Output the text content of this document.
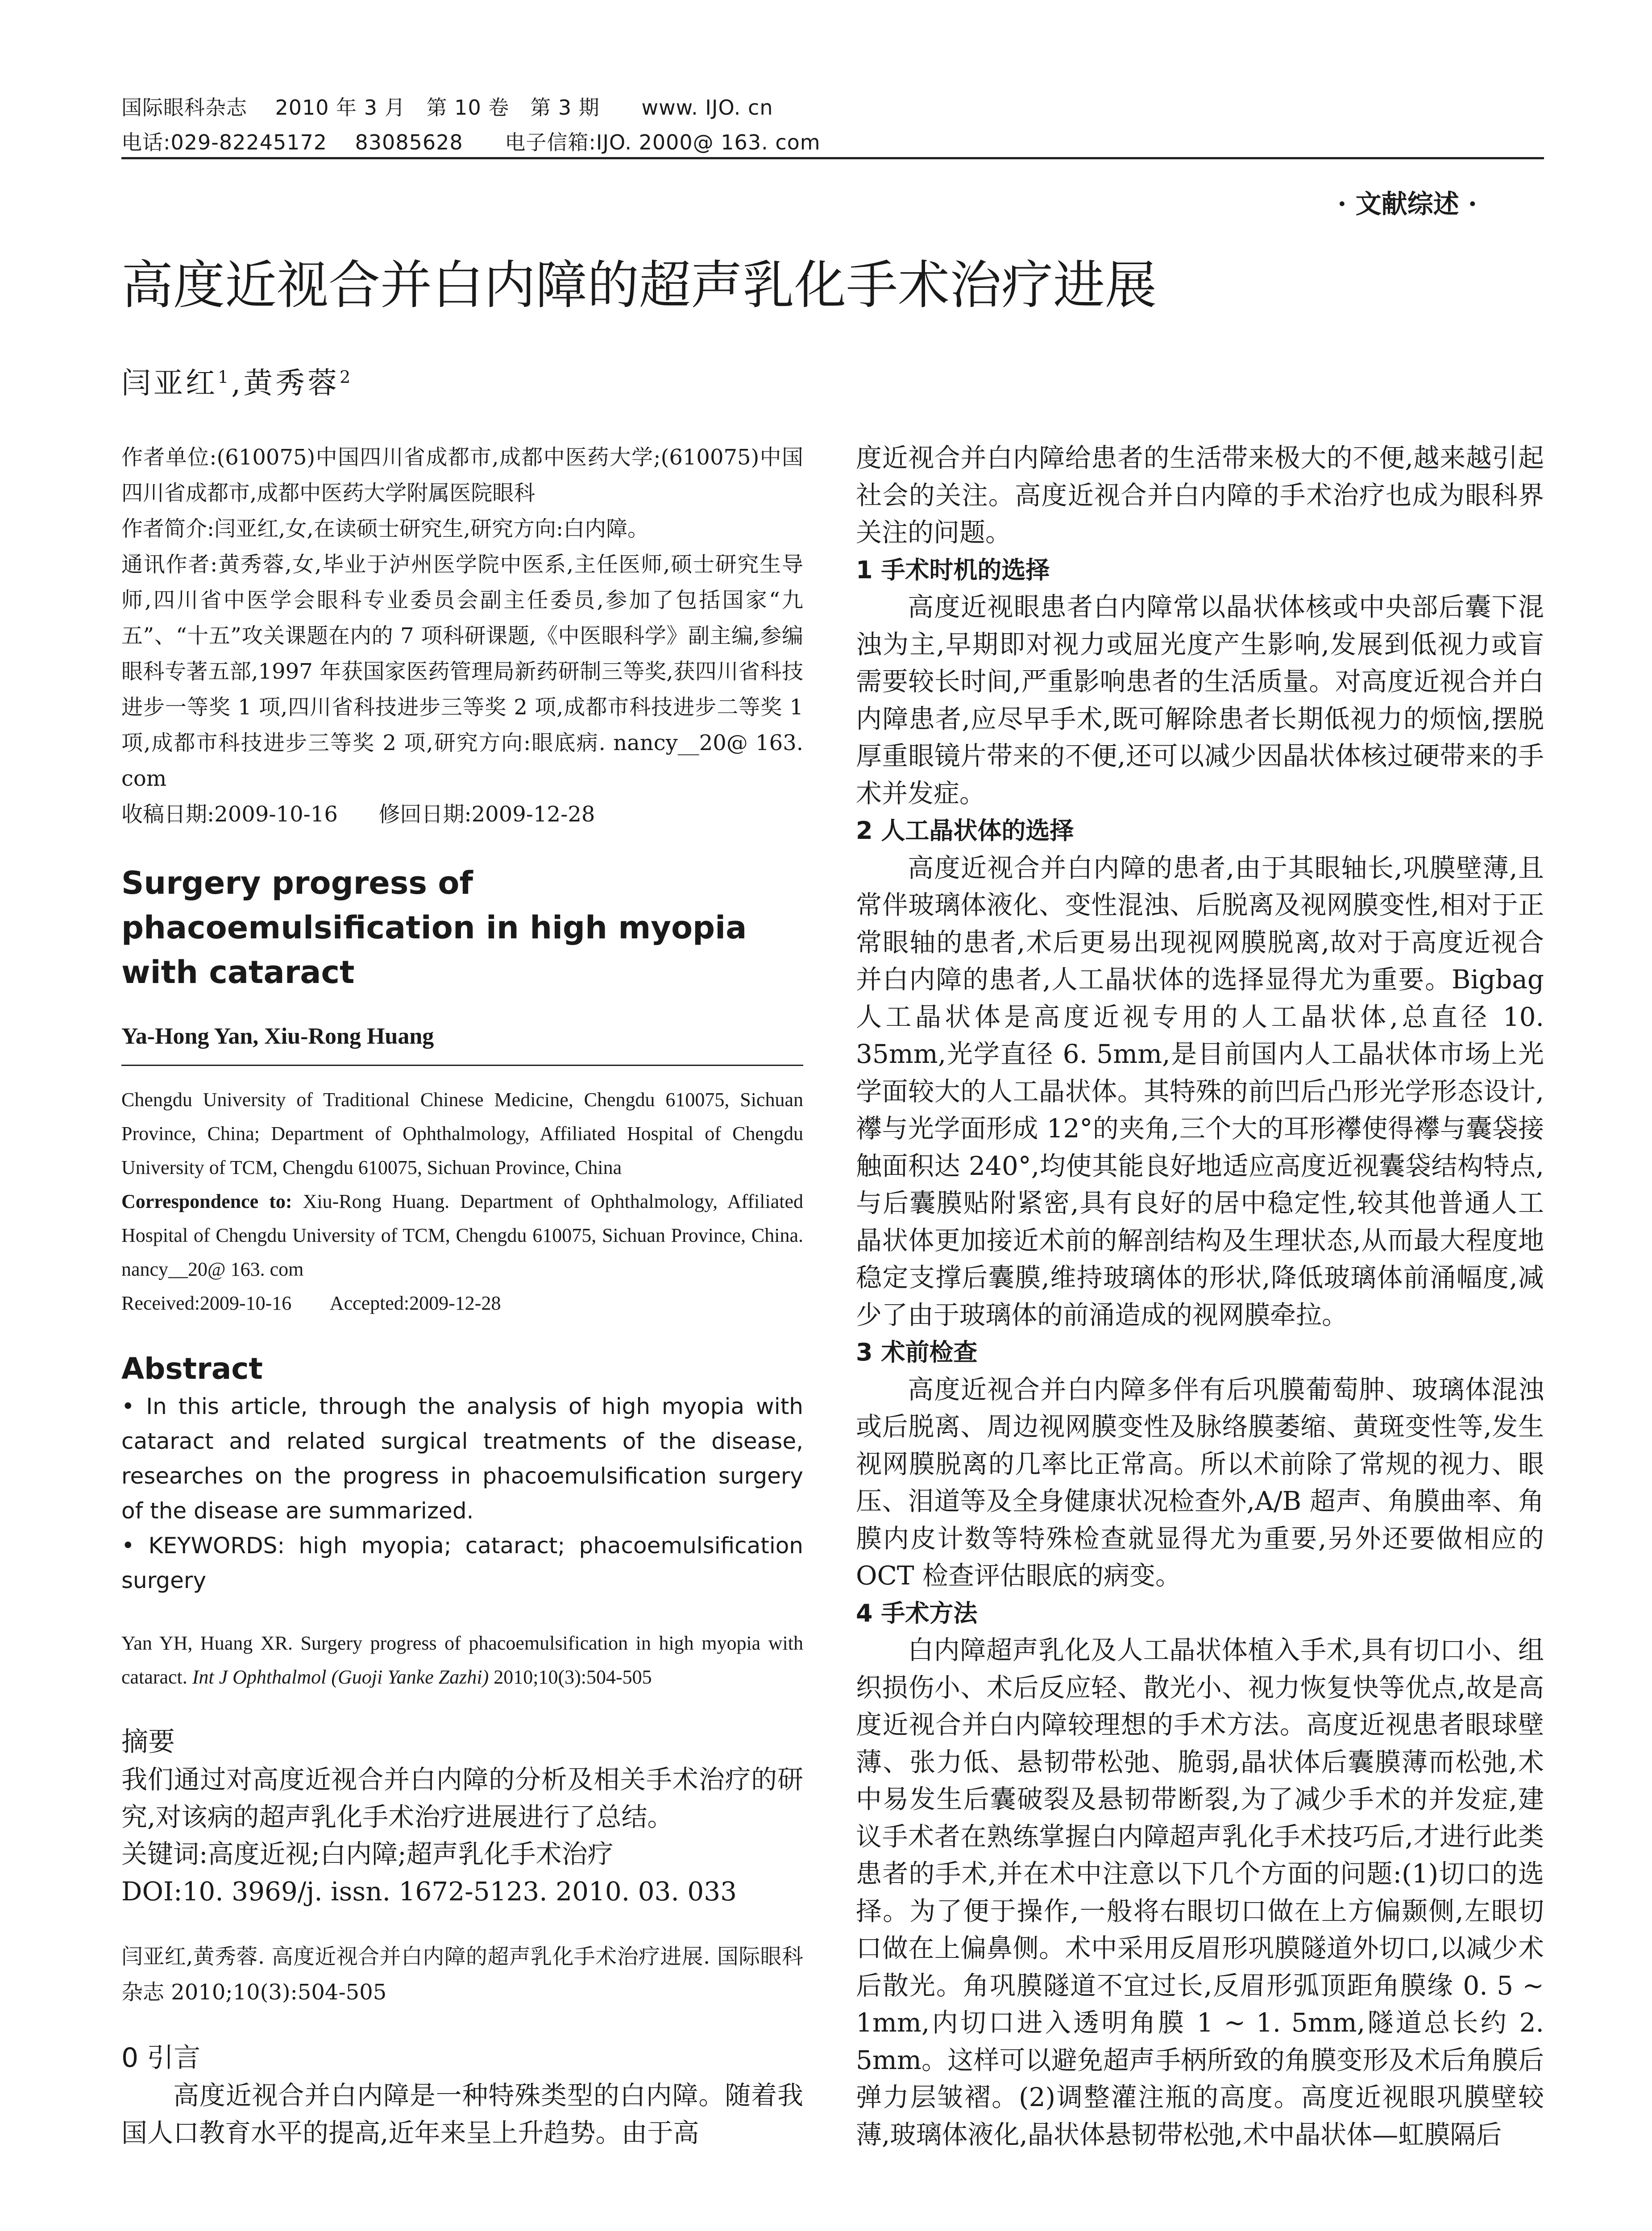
国际眼科杂志    2010 年 3 月   第 10 卷   第 3 期      www. IJO. cn
电话:029-82245172    83085628      电子信箱:IJO. 2000@ 163. com
· 文献综述 ·
高度近视合并白内障的超声乳化手术治疗进展
闫亚红$^1$,黄秀蓉$^2$

作者单位:(610075)中国四川省成都市,成都中医药大学;(610075)中国四川省成都市,成都中医药大学附属医院眼科

作者简介:闫亚红,女,在读硕士研究生,研究方向:白内障。

通讯作者:黄秀蓉,女,毕业于泸州医学院中医系,主任医师,硕士研究生导师,四川省中医学会眼科专业委员会副主任委员,参加了包括国家“九五”、“十五”攻关课题在内的 7 项科研课题,《中医眼科学》副主编,参编眼科专著五部,1997 年获国家医药管理局新药研制三等奖,获四川省科技进步一等奖 1 项,四川省科技进步三等奖 2 项,成都市科技进步二等奖 1 项,成都市科技进步三等奖 2 项,研究方向:眼底病. nancy__20@ 163. com

收稿日期:2009-10-16      修回日期:2009-12-28

Surgery progress of phacoemulsification in high myopia with cataract

Ya-Hong Yan, Xiu-Rong Huang

Chengdu University of Traditional Chinese Medicine, Chengdu 610075, Sichuan Province, China; Department of Ophthalmology, Affiliated Hospital of Chengdu University of TCM, Chengdu 610075, Sichuan Province, China

Correspondence to: Xiu-Rong Huang. Department of Ophthalmology, Affiliated Hospital of Chengdu University of TCM, Chengdu 610075, Sichuan Province, China. nancy__20@ 163. com

Received:2009-10-16        Accepted:2009-12-28

Abstract

• In this article, through the analysis of high myopia with cataract and related surgical treatments of the disease, researches on the progress in phacoemulsification surgery of the disease are summarized.

• KEYWORDS: high myopia; cataract; phacoemulsification surgery

Yan YH, Huang XR. Surgery progress of phacoemulsification in high myopia with cataract. Int J Ophthalmol (Guoji Yanke Zazhi) 2010;10(3):504-505

摘要

我们通过对高度近视合并白内障的分析及相关手术治疗的研究,对该病的超声乳化手术治疗进展进行了总结。

关键词:高度近视;白内障;超声乳化手术治疗

DOI:10. 3969/j. issn. 1672-5123. 2010. 03. 033

闫亚红,黄秀蓉. 高度近视合并白内障的超声乳化手术治疗进展. 国际眼科杂志 2010;10(3):504-505

0 引言

高度近视合并白内障是一种特殊类型的白内障。随着我国人口教育水平的提高,近年来呈上升趋势。由于高

度近视合并白内障给患者的生活带来极大的不便,越来越引起社会的关注。高度近视合并白内障的手术治疗也成为眼科界关注的问题。

1 手术时机的选择

高度近视眼患者白内障常以晶状体核或中央部后囊下混浊为主,早期即对视力或屈光度产生影响,发展到低视力或盲需要较长时间,严重影响患者的生活质量。对高度近视合并白内障患者,应尽早手术,既可解除患者长期低视力的烦恼,摆脱厚重眼镜片带来的不便,还可以减少因晶状体核过硬带来的手术并发症。

2 人工晶状体的选择

高度近视合并白内障的患者,由于其眼轴长,巩膜壁薄,且常伴玻璃体液化、变性混浊、后脱离及视网膜变性,相对于正常眼轴的患者,术后更易出现视网膜脱离,故对于高度近视合并白内障的患者,人工晶状体的选择显得尤为重要。Bigbag 人工晶状体是高度近视专用的人工晶状体,总直径 10. 35mm,光学直径 6. 5mm,是目前国内人工晶状体市场上光学面较大的人工晶状体。其特殊的前凹后凸形光学形态设计,襻与光学面形成 12°的夹角,三个大的耳形襻使得襻与囊袋接触面积达 240°,均使其能良好地适应高度近视囊袋结构特点,与后囊膜贴附紧密,具有良好的居中稳定性,较其他普通人工晶状体更加接近术前的解剖结构及生理状态,从而最大程度地稳定支撑后囊膜,维持玻璃体的形状,降低玻璃体前涌幅度,减少了由于玻璃体的前涌造成的视网膜牵拉。

3 术前检查

高度近视合并白内障多伴有后巩膜葡萄肿、玻璃体混浊或后脱离、周边视网膜变性及脉络膜萎缩、黄斑变性等,发生视网膜脱离的几率比正常高。所以术前除了常规的视力、眼压、泪道等及全身健康状况检查外,A/B 超声、角膜曲率、角膜内皮计数等特殊检查就显得尤为重要,另外还要做相应的 OCT 检查评估眼底的病变。

4 手术方法

白内障超声乳化及人工晶状体植入手术,具有切口小、组织损伤小、术后反应轻、散光小、视力恢复快等优点,故是高度近视合并白内障较理想的手术方法。高度近视患者眼球壁薄、张力低、悬韧带松弛、脆弱,晶状体后囊膜薄而松弛,术中易发生后囊破裂及悬韧带断裂,为了减少手术的并发症,建议手术者在熟练掌握白内障超声乳化手术技巧后,才进行此类患者的手术,并在术中注意以下几个方面的问题:(1)切口的选择。为了便于操作,一般将右眼切口做在上方偏颞侧,左眼切口做在上偏鼻侧。术中采用反眉形巩膜隧道外切口,以减少术后散光。角巩膜隧道不宜过长,反眉形弧顶距角膜缘 0. 5 ~ 1mm,内切口进入透明角膜 1 ~ 1. 5mm,隧道总长约 2. 5mm。这样可以避免超声手柄所致的角膜变形及术后角膜后弹力层皱褶。(2)调整灌注瓶的高度。高度近视眼巩膜壁较薄,玻璃体液化,晶状体悬韧带松弛,术中晶状体—虹膜隔后
